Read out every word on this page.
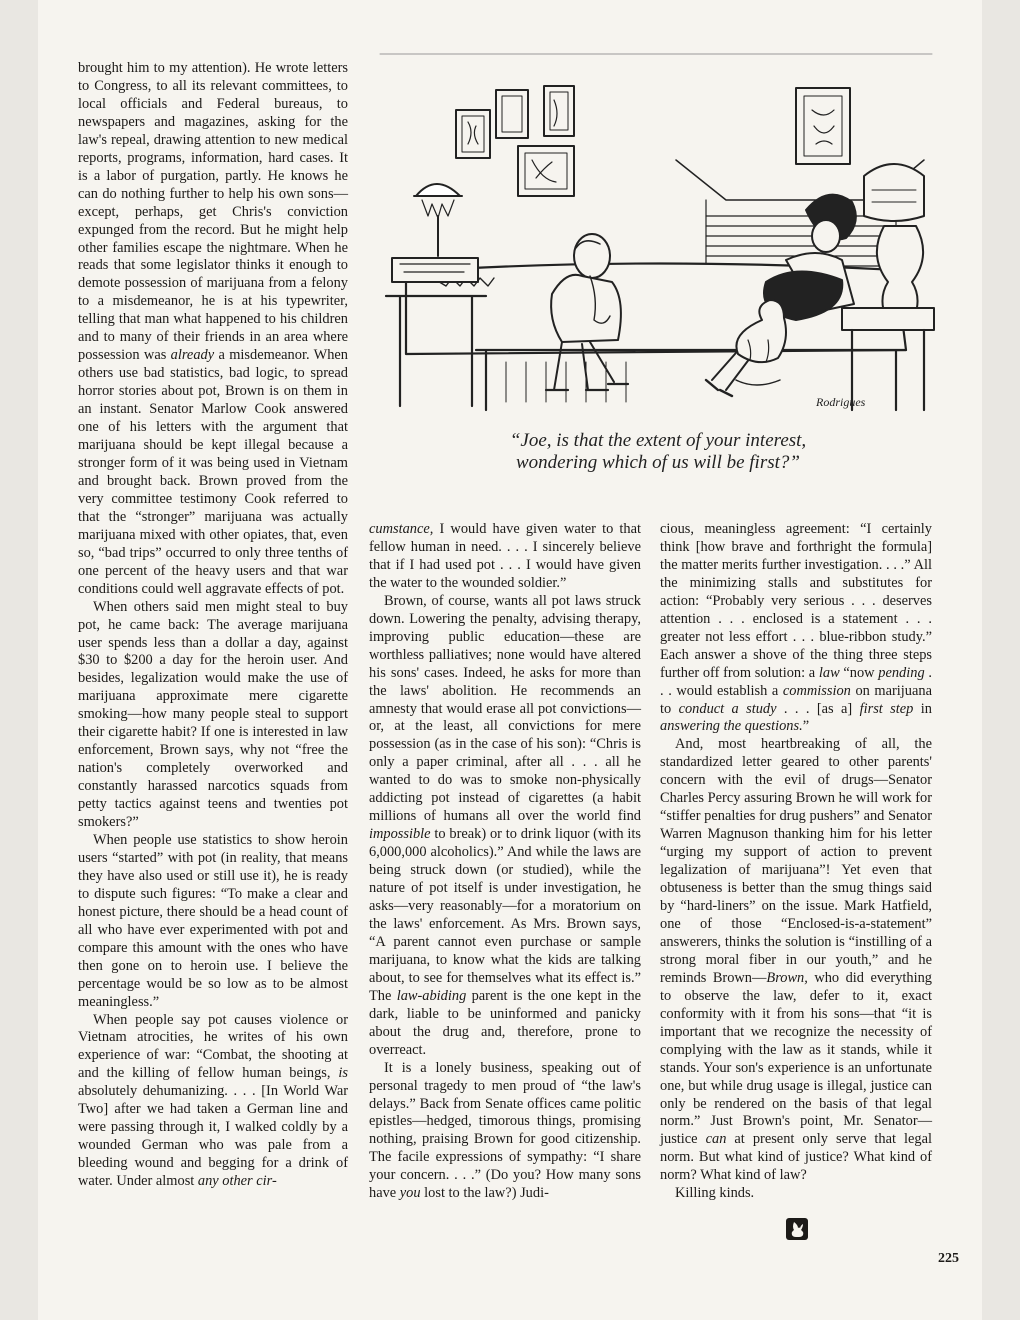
brought him to my attention). He wrote letters to Congress, to all its relevant committees, to local officials and Federal bureaus, to newspapers and magazines, asking for the law's repeal, drawing attention to new medical reports, programs, information, hard cases. It is a labor of purgation, partly. He knows he can do nothing further to help his own sons—except, perhaps, get Chris's conviction expunged from the record. But he might help other families escape the nightmare. When he reads that some legislator thinks it enough to demote possession of marijuana from a felony to a misdemeanor, he is at his typewriter, telling that man what happened to his children and to many of their friends in an area where possession was already a misdemeanor. When others use bad statistics, bad logic, to spread horror stories about pot, Brown is on them in an instant. Senator Marlow Cook answered one of his letters with the argument that marijuana should be kept illegal because a stronger form of it was being used in Vietnam and brought back. Brown proved from the very committee testimony Cook referred to that the “stronger” marijuana was actually marijuana mixed with other opiates, that, even so, “bad trips” occurred to only three tenths of one percent of the heavy users and that war conditions could well aggravate effects of pot.

When others said men might steal to buy pot, he came back: The average marijuana user spends less than a dollar a day, against $30 to $200 a day for the heroin user. And besides, legalization would make the use of marijuana approximate mere cigarette smoking—how many people steal to support their cigarette habit? If one is interested in law enforcement, Brown says, why not “free the nation's completely overworked and constantly harassed narcotics squads from petty tactics against teens and twenties pot smokers?”

When people use statistics to show heroin users “started” with pot (in reality, that means they have also used or still use it), he is ready to dispute such figures: “To make a clear and honest picture, there should be a head count of all who have ever experimented with pot and compare this amount with the ones who have then gone on to heroin use. I believe the percentage would be so low as to be almost meaningless.”

When people say pot causes violence or Vietnam atrocities, he writes of his own experience of war: “Combat, the shooting at and the killing of fellow human beings, is absolutely dehumanizing. . . . [In World War Two] after we had taken a German line and were passing through it, I walked coldly by a wounded German who was pale from a bleeding wound and begging for a drink of water. Under almost any other cir-

Rodrigues
“Joe, is that the extent of your interest,
wondering which of us will be first?”

cumstance, I would have given water to that fellow human in need. . . . I sincerely believe that if I had used pot . . . I would have given the water to the wounded soldier.”

Brown, of course, wants all pot laws struck down. Lowering the penalty, advising therapy, improving public education—these are worthless palliatives; none would have altered his sons' cases. Indeed, he asks for more than the laws' abolition. He recommends an amnesty that would erase all pot convictions—or, at the least, all convictions for mere possession (as in the case of his son): “Chris is only a paper criminal, after all . . . all he wanted to do was to smoke non-physically addicting pot instead of cigarettes (a habit millions of humans all over the world find impossible to break) or to drink liquor (with its 6,000,000 alcoholics).” And while the laws are being struck down (or studied), while the nature of pot itself is under investigation, he asks—very reasonably—for a moratorium on the laws' enforcement. As Mrs. Brown says, “A parent cannot even purchase or sample marijuana, to know what the kids are talking about, to see for themselves what its effect is.” The law-abiding parent is the one kept in the dark, liable to be uninformed and panicky about the drug and, therefore, prone to overreact.

It is a lonely business, speaking out of personal tragedy to men proud of “the law's delays.” Back from Senate offices came politic epistles—hedged, timorous things, promising nothing, praising Brown for good citizenship. The facile expressions of sympathy: “I share your concern. . . .” (Do you? How many sons have you lost to the law?) Judi-

cious, meaningless agreement: “I certainly think [how brave and forthright the formula] the matter merits further investigation. . . .” All the minimizing stalls and substitutes for action: “Probably very serious . . . deserves attention . . . enclosed is a statement . . . greater not less effort . . . blue-ribbon study.” Each answer a shove of the thing three steps further off from solution: a law “now pending . . . would establish a commission on marijuana to conduct a study . . . [as a] first step in answering the questions.”

And, most heartbreaking of all, the standardized letter geared to other parents' concern with the evil of drugs—Senator Charles Percy assuring Brown he will work for “stiffer penalties for drug pushers” and Senator Warren Magnuson thanking him for his letter “urging my support of action to prevent legalization of marijuana”! Yet even that obtuseness is better than the smug things said by “hard-liners” on the issue. Mark Hatfield, one of those “Enclosed-is-a-statement” answerers, thinks the solution is “instilling of a strong moral fiber in our youth,” and he reminds Brown—Brown, who did everything to observe the law, defer to it, exact conformity with it from his sons—that “it is important that we recognize the necessity of complying with the law as it stands, while it stands. Your son's experience is an unfortunate one, but while drug usage is illegal, justice can only be rendered on the basis of that legal norm.” Just Brown's point, Mr. Senator—justice can at present only serve that legal norm. But what kind of justice? What kind of norm? What kind of law?

Killing kinds.

225
